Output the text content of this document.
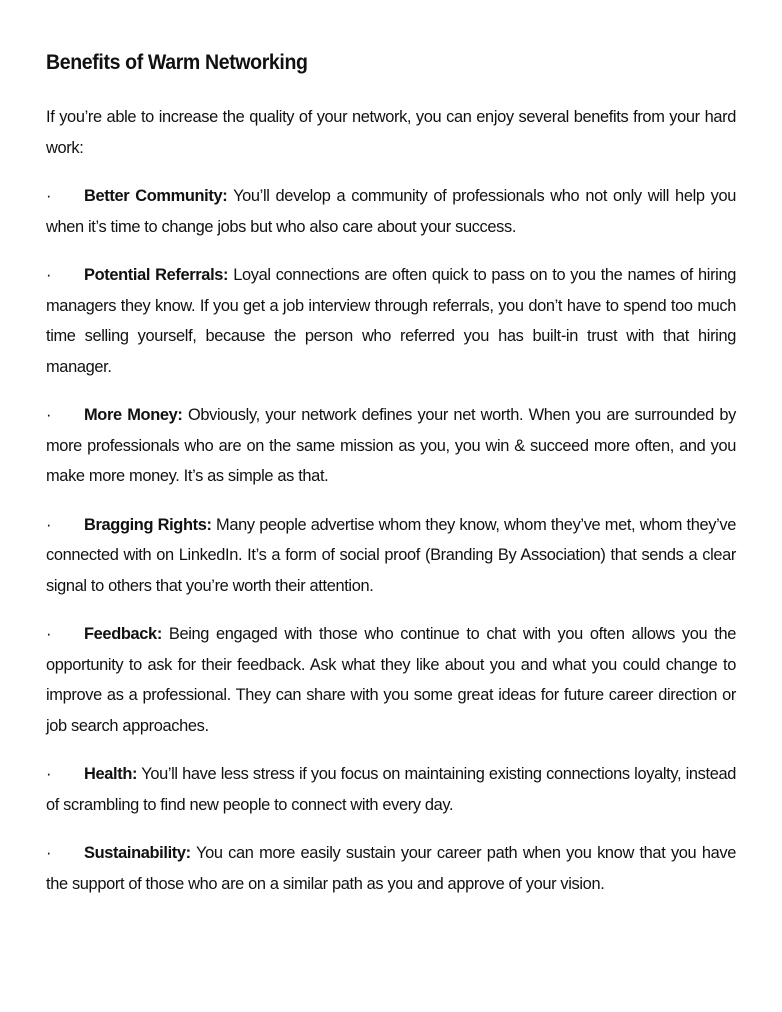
Benefits of Warm Networking

If you’re able to increase the quality of your network, you can enjoy several benefits from your hard work:

· Better Community: You’ll develop a community of professionals who not only will help you when it’s time to change jobs but who also care about your success.

· Potential Referrals: Loyal connections are often quick to pass on to you the names of hiring managers they know. If you get a job interview through referrals, you don’t have to spend too much time selling yourself, because the person who referred you has built-in trust with that hiring manager.

· More Money: Obviously, your network defines your net worth. When you are surrounded by more professionals who are on the same mission as you, you win & succeed more often, and you make more money. It’s as simple as that.

· Bragging Rights: Many people advertise whom they know, whom they’ve met, whom they’ve connected with on LinkedIn. It’s a form of social proof (Branding By Association) that sends a clear signal to others that you’re worth their attention.

· Feedback: Being engaged with those who continue to chat with you often allows you the opportunity to ask for their feedback. Ask what they like about you and what you could change to improve as a professional. They can share with you some great ideas for future career direction or job search approaches.

· Health: You’ll have less stress if you focus on maintaining existing connections loyalty, instead of scrambling to find new people to connect with every day.

· Sustainability: You can more easily sustain your career path when you know that you have the support of those who are on a similar path as you and approve of your vision.
